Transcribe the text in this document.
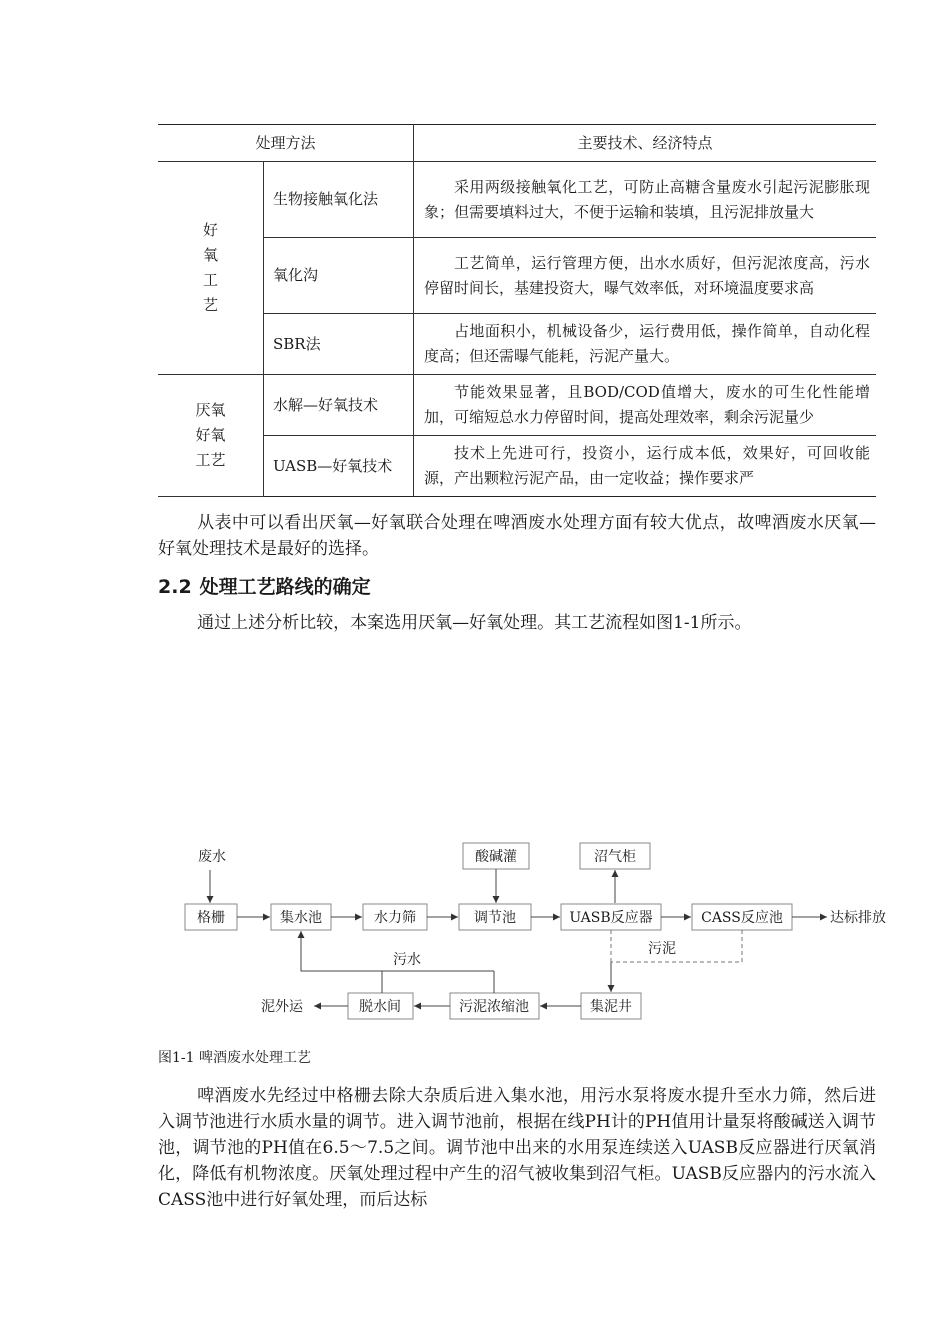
处理方法		主要技术、经济特点

好
氧
工
艺	生物接触氧化法	采用两级接触氧化工艺，可防止高糖含量废水引起污泥膨胀现象；但需要填料过大，不便于运输和装填，且污泥排放量大
	氧化沟	工艺简单，运行管理方便，出水水质好，但污泥浓度高，污水停留时间长，基建投资大，曝气效率低，对环境温度要求高
	SBR法	占地面积小，机械设备少，运行费用低，操作简单，自动化程度高；但还需曝气能耗，污泥产量大。

厌氧
好氧
工艺	水解—好氧技术	节能效果显著，且BOD/COD值增大，废水的可生化性能增加，可缩短总水力停留时间，提高处理效率，剩余污泥量少
	UASB—好氧技术	技术上先进可行，投资小，运行成本低，效果好，可回收能源，产出颗粒污泥产品，由一定收益；操作要求严

从表中可以看出厌氧—好氧联合处理在啤酒废水处理方面有较大优点，故啤酒废水厌氧—好氧处理技术是最好的选择。

2.2 处理工艺路线的确定

通过上述分析比较，本案选用厌氧—好氧处理。其工艺流程如图1-1所示。

废水
格栅	集水池	水力筛	调节池	UASB反应器	CASS反应池	达标排放
酸碱灌	沼气柜
污泥
集泥井
污泥浓缩池
脱水间
泥外运
污水

图1-1 啤酒废水处理工艺

啤酒废水先经过中格栅去除大杂质后进入集水池，用污水泵将废水提升至水力筛，然后进入调节池进行水质水量的调节。进入调节池前，根据在线PH计的PH值用计量泵将酸碱送入调节池，调节池的PH值在6.5～7.5之间。调节池中出来的水用泵连续送入UASB反应器进行厌氧消化，降低有机物浓度。厌氧处理过程中产生的沼气被收集到沼气柜。UASB反应器内的污水流入CASS池中进行好氧处理，而后达标
